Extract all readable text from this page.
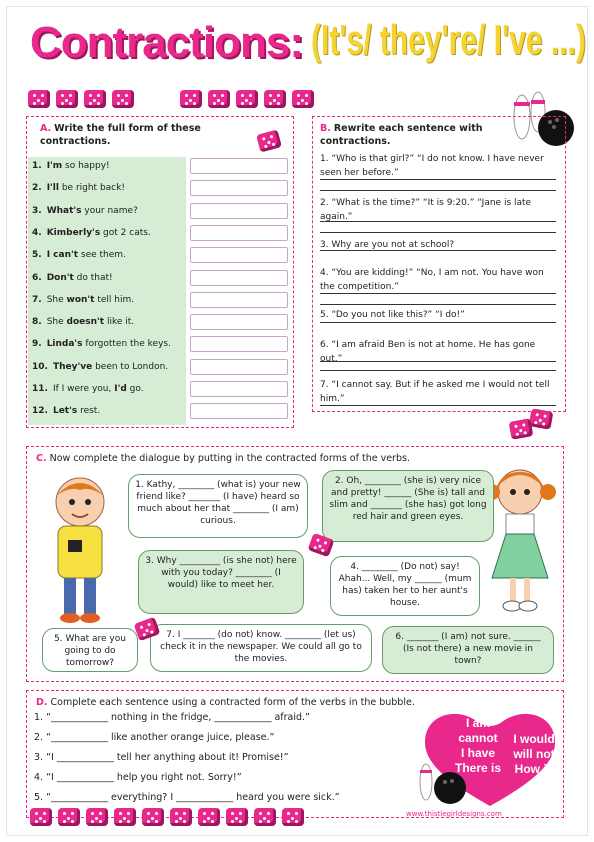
Contractions: (It's/ they're/ I've ...)
A. Write the full form of these contractions.
1. I'm so happy!
2. I'll be right back!
3. What's your name?
4. Kimberly's got 2 cats.
5. I can't see them.
6. Don't do that!
7. She won't tell him.
8. She doesn't like it.
9. Linda's forgotten the keys.
10. They've been to London.
11. If I were you, I'd go.
12. Let's rest.
B. Rewrite each sentence with contractions.
1. “Who is that girl?” “I do not know. I have never seen her before.”
2. “What is the time?” “It is 9:20.” “Jane is late again.”
3. Why are you not at school?
4. “You are kidding!” “No, I am not. You have won the competition.”
5. “Do you not like this?” “I do!”
6. “I am afraid Ben is not at home. He has gone out.”
7. “I cannot say. But if he asked me I would not tell him.”
C. Now complete the dialogue by putting in the contracted forms of the verbs.
1. Kathy, ________ (what is) your new friend like? _______ (I have) heard so much about her that ________ (I am) curious.
2. Oh, ________ (she is) very nice and pretty! ______ (She is) tall and slim and _______ (she has) got long red hair and green eyes.
3. Why _________ (is she not) here with you today? ________ (I would) like to meet her.
4. ________ (Do not) say! Ahah... Well, my ______ (mum has) taken her to her aunt's house.
5. What are you going to do tomorrow?
7. I _______ (do not) know. ________ (let us) check it in the newspaper. We could all go to the movies.
6. _______ (I am) not sure. ______ (Is not there) a new movie in town?
D. Complete each sentence using a contracted form of the verbs in the bubble.
1. “____________ nothing in the fridge, ____________ afraid.”
2. “____________ like another orange juice, please.”
3. “I ____________ tell her anything about it! Promise!”
4. “I ____________ help you right not. Sorry!”
5. “____________ everything? I ____________ heard you were sick.”
I am
cannot
I have
There is
I would
will not
How is
www.thistlegirldesigns.com
